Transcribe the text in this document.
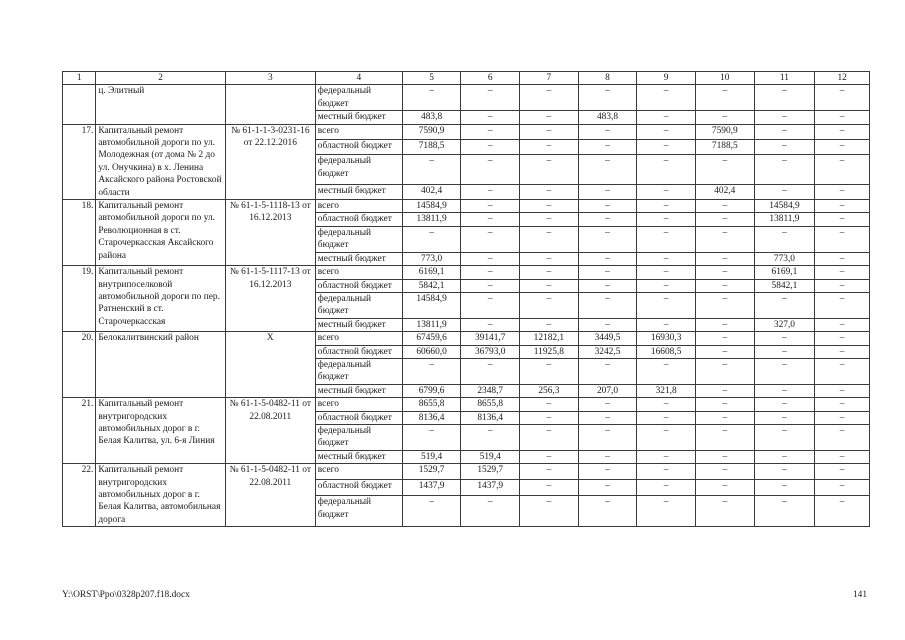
1	2	3	4	5	6	7	8	9	10	11	12
	ц. Элитный		федеральный бюджет	–	–	–	–	–	–	–	–
			местный бюджет	483,8	–	–	483,8	–	–	–	–
17.	Капитальный ремонт автомобильной дороги по ул. Молодежная (от дома № 2 до ул. Онучкина) в х. Ленина Аксайского района Ростовской области	№ 61-1-1-3-0231-16 от 22.12.2016	всего	7590,9	–	–	–	–	7590,9	–	–
			областной бюджет	7188,5	–	–	–	–	7188,5	–	–
			федеральный бюджет	–	–	–	–	–	–	–	–
			местный бюджет	402,4	–	–	–	–	402,4	–	–
18.	Капитальный ремонт автомобильной дороги по ул. Революционная в ст. Старочеркасская Аксайского района	№ 61-1-5-1118-13 от 16.12.2013	всего	14584,9	–	–	–	–	–	14584,9	–
			областной бюджет	13811,9	–	–	–	–	–	13811,9	–
			федеральный бюджет	–	–	–	–	–	–	–	–
			местный бюджет	773,0	–	–	–	–	–	773,0	–
19.	Капитальный ремонт внутрипоселковой автомобильной дороги по пер. Ратненский в ст. Старочеркасская	№ 61-1-5-1117-13 от 16.12.2013	всего	6169,1	–	–	–	–	–	6169,1	–
			областной бюджет	5842,1	–	–	–	–	–	5842,1	–
			федеральный бюджет	14584,9	–	–	–	–	–	–	–
			местный бюджет	13811,9	–	–	–	–	–	327,0	–
20.	Белокалитвинский район	Х	всего	67459,6	39141,7	12182,1	3449,5	16930,3	–	–	–
			областной бюджет	60660,0	36793,0	11925,8	3242,5	16608,5	–	–	–
			федеральный бюджет	–	–	–	–	–	–	–	–
			местный бюджет	6799,6	2348,7	256,3	207,0	321,8	–	–	–
21.	Капитальный ремонт внутригородских автомобильных дорог в г. Белая Калитва, ул. 6-я Линия	№ 61-1-5-0482-11 от 22.08.2011	всего	8655,8	8655,8	–	–	–	–	–	–
			областной бюджет	8136,4	8136,4	–	–	–	–	–	–
			федеральный бюджет	–	–	–	–	–	–	–	–
			местный бюджет	519,4	519,4	–	–	–	–	–	–
22.	Капитальный ремонт внутригородских автомобильных дорог в г. Белая Калитва, автомобильная дорога	№ 61-1-5-0482-11 от 22.08.2011	всего	1529,7	1529,7	–	–	–	–	–	–
			областной бюджет	1437,9	1437,9	–	–	–	–	–	–
			федеральный бюджет	–	–	–	–	–	–	–	–
Y:\ORST\Ppo\0328p207.f18.docx	141
